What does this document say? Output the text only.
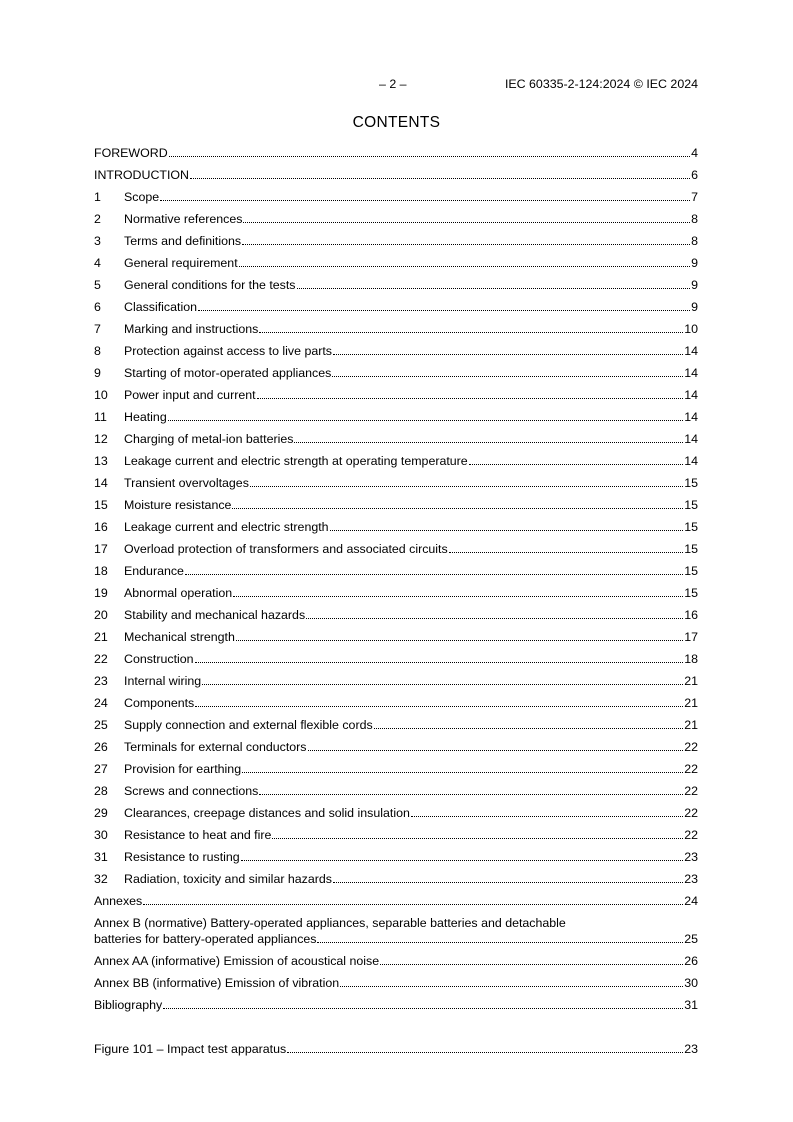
– 2 –	IEC 60335-2-124:2024 © IEC 2024
CONTENTS
FOREWORD	4
INTRODUCTION	6
1	Scope	7
2	Normative references	8
3	Terms and definitions	8
4	General requirement	9
5	General conditions for the tests	9
6	Classification	9
7	Marking and instructions	10
8	Protection against access to live parts	14
9	Starting of motor-operated appliances	14
10	Power input and current	14
11	Heating	14
12	Charging of metal-ion batteries	14
13	Leakage current and electric strength at operating temperature	14
14	Transient overvoltages	15
15	Moisture resistance	15
16	Leakage current and electric strength	15
17	Overload protection of transformers and associated circuits	15
18	Endurance	15
19	Abnormal operation	15
20	Stability and mechanical hazards	16
21	Mechanical strength	17
22	Construction	18
23	Internal wiring	21
24	Components	21
25	Supply connection and external flexible cords	21
26	Terminals for external conductors	22
27	Provision for earthing	22
28	Screws and connections	22
29	Clearances, creepage distances and solid insulation	22
30	Resistance to heat and fire	22
31	Resistance to rusting	23
32	Radiation, toxicity and similar hazards	23
Annexes	24
Annex B (normative) Battery-operated appliances, separable batteries and detachable
batteries for battery-operated appliances	25
Annex AA (informative) Emission of acoustical noise	26
Annex BB (informative) Emission of vibration	30
Bibliography	31
Figure 101 – Impact test apparatus	23
